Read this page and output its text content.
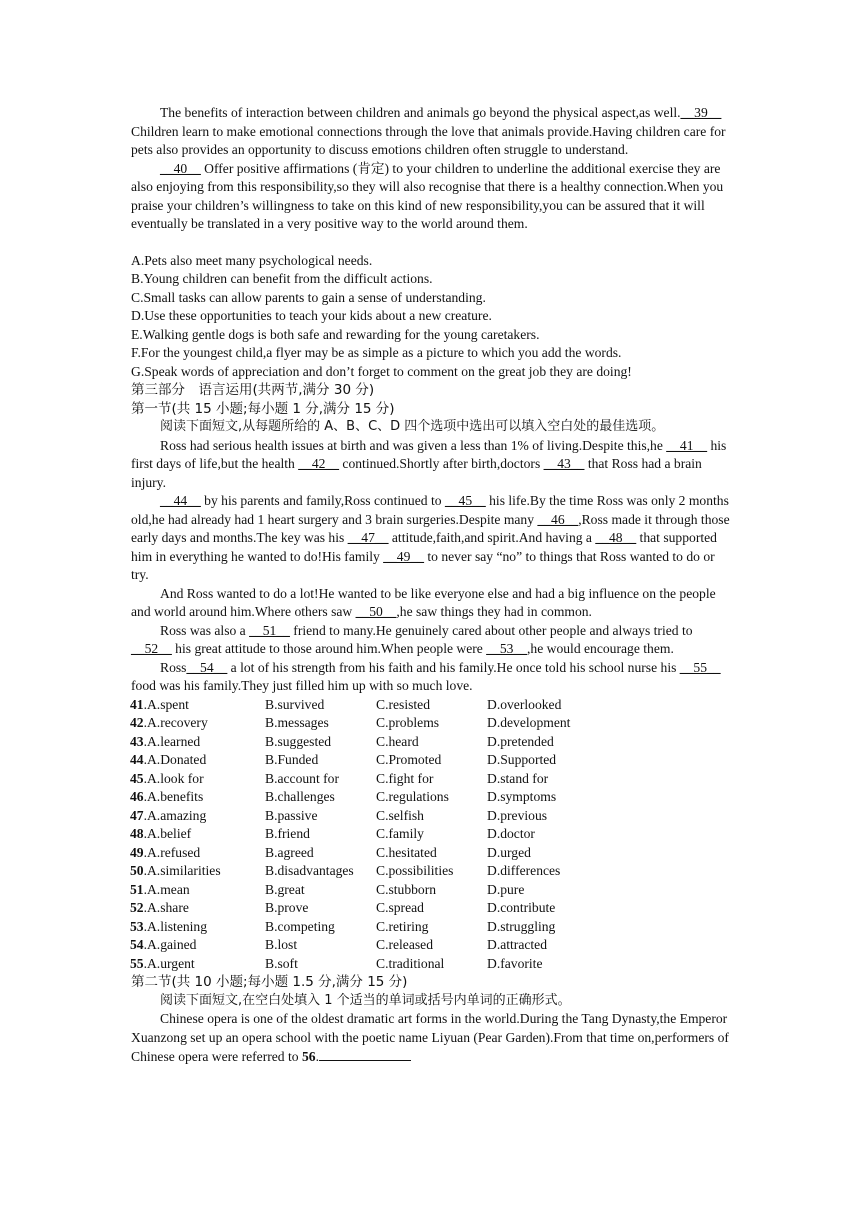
The benefits of interaction between children and animals go beyond the physical aspect,as well.__39__ Children learn to make emotional connections through the love that animals provide.Having children care for pets also provides an opportunity to discuss emotions children often struggle to understand.

__40__ Offer positive affirmations (肯定) to your children to underline the additional exercise they are also enjoying from this responsibility,so they will also recognise that there is a healthy connection.When you praise your children’s willingness to take on this kind of new responsibility,you can be assured that it will eventually be translated in a very positive way to the world around them.

A.Pets also meet many psychological needs.

B.Young children can benefit from the difficult actions.

C.Small tasks can allow parents to gain a sense of understanding.

D.Use these opportunities to teach your kids about a new creature.

E.Walking gentle dogs is both safe and rewarding for the young caretakers.

F.For the youngest child,a flyer may be as simple as a picture to which you add the words.

G.Speak words of appreciation and don’t forget to comment on the great job they are doing!

第三部分　语言运用(共两节,满分 30 分)

第一节(共 15 小题;每小题 1 分,满分 15 分)

阅读下面短文,从每题所给的 A、B、C、D 四个选项中选出可以填入空白处的最佳选项。

Ross had serious health issues at birth and was given a less than 1% of living.Despite this,he __41__ his first days of life,but the health __42__ continued.Shortly after birth,doctors __43__ that Ross had a brain injury.

__44__ by his parents and family,Ross continued to __45__ his life.By the time Ross was only 2 months old,he had already had 1 heart surgery and 3 brain surgeries.Despite many __46__,Ross made it through those early days and months.The key was his __47__ attitude,faith,and spirit.And having a __48__ that supported him in everything he wanted to do!His family __49__ to never say “no” to things that Ross wanted to do or try.

And Ross wanted to do a lot!He wanted to be like everyone else and had a big influence on the people and world around him.Where others saw __50__,he saw things they had in common.

Ross was also a __51__ friend to many.He genuinely cared about other people and always tried to __52__ his great attitude to those around him.When people were __53__,he would encourage them.

Ross__54__ a lot of his strength from his faith and his family.He once told his school nurse his __55__ food was his family.They just filled him up with so much love.

41.A.spent	B.survived	C.resisted	D.overlooked
42.A.recovery	B.messages	C.problems	D.development
43.A.learned	B.suggested	C.heard	D.pretended
44.A.Donated	B.Funded	C.Promoted	D.Supported
45.A.look for	B.account for	C.fight for	D.stand for
46.A.benefits	B.challenges	C.regulations	D.symptoms
47.A.amazing	B.passive	C.selfish	D.previous
48.A.belief	B.friend	C.family	D.doctor
49.A.refused	B.agreed	C.hesitated	D.urged
50.A.similarities	B.disadvantages	C.possibilities	D.differences
51.A.mean	B.great	C.stubborn	D.pure
52.A.share	B.prove	C.spread	D.contribute
53.A.listening	B.competing	C.retiring	D.struggling
54.A.gained	B.lost	C.released	D.attracted
55.A.urgent	B.soft	C.traditional	D.favorite

第二节(共 10 小题;每小题 1.5 分,满分 15 分)

阅读下面短文,在空白处填入 1 个适当的单词或括号内单词的正确形式。

Chinese opera is one of the oldest dramatic art forms in the world.During the Tang Dynasty,the Emperor Xuanzong set up an opera school with the poetic name Liyuan (Pear Garden).From that time on,performers of Chinese opera were referred to 56.
